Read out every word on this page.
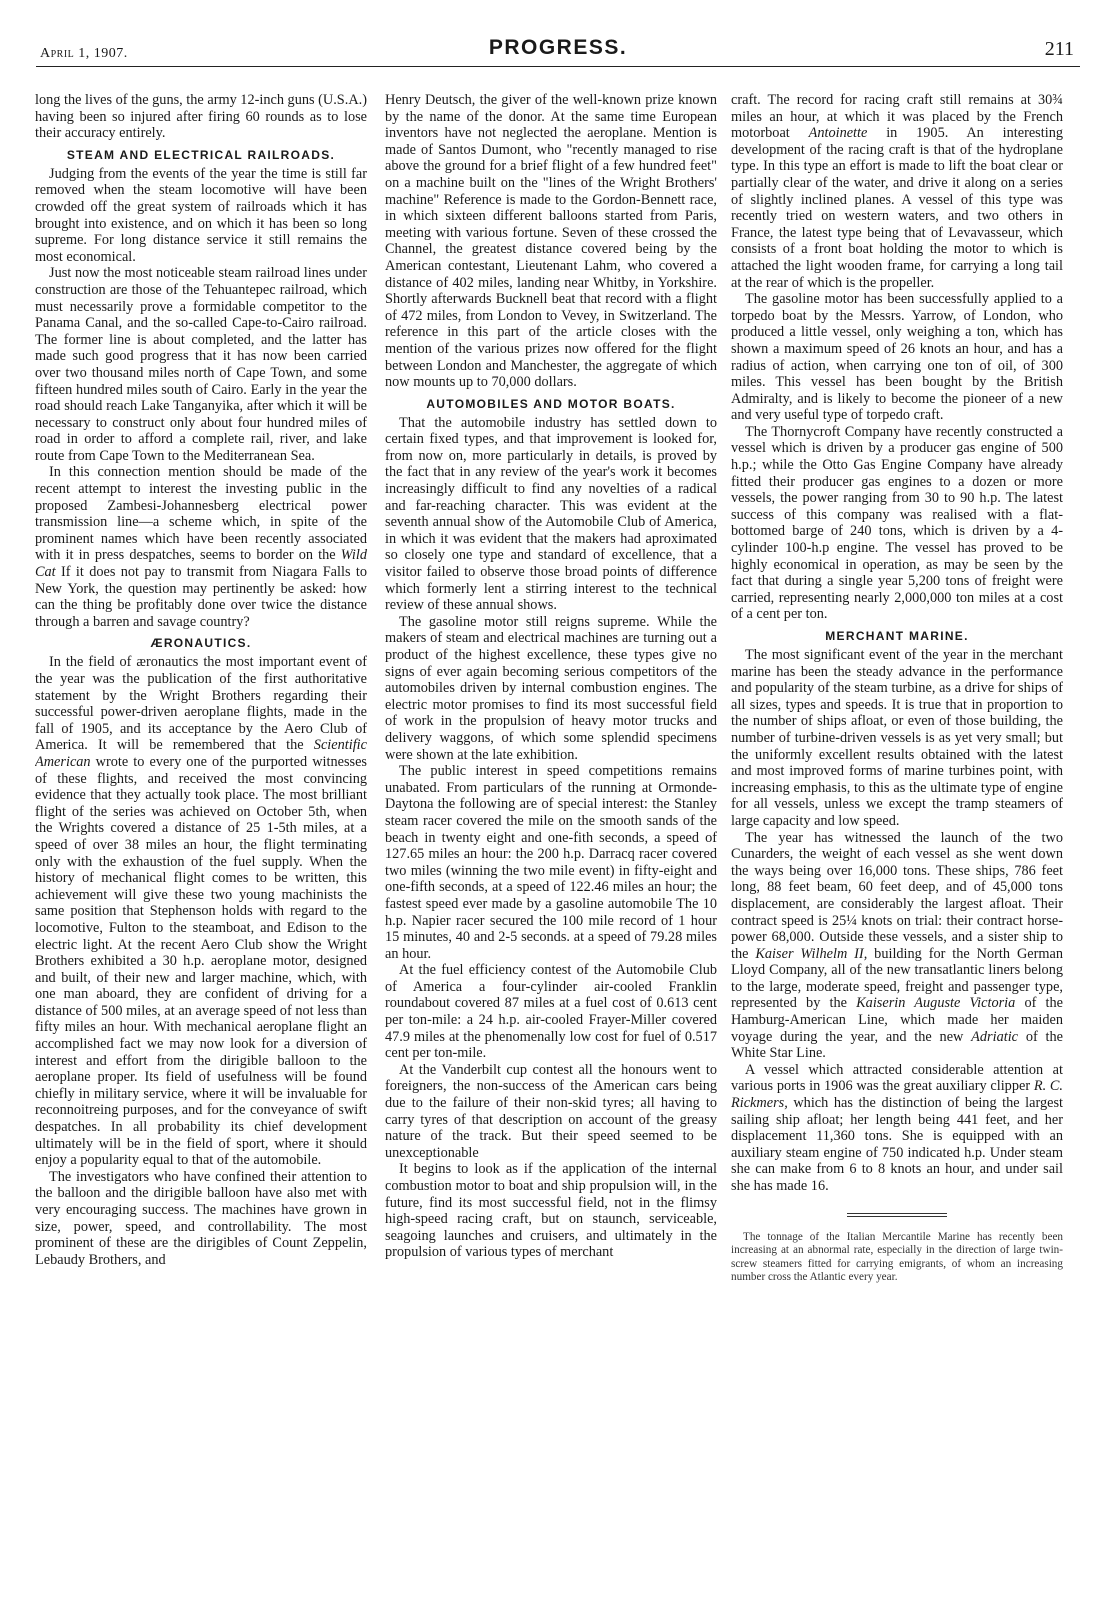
April 1, 1907.	PROGRESS.	211

long the lives of the guns, the army 12-inch guns (U.S.A.) having been so injured after firing 60 rounds as to lose their accuracy entirely.

STEAM AND ELECTRICAL RAILROADS.

Judging from the events of the year the time is still far removed when the steam locomotive will have been crowded off the great system of railroads which it has brought into existence, and on which it has been so long supreme. For long distance service it still remains the most economical.

Just now the most noticeable steam railroad lines under construction are those of the Tehuantepec railroad, which must necessarily prove a formidable competitor to the Panama Canal, and the so-called Cape-to-Cairo railroad. The former line is about completed, and the latter has made such good progress that it has now been carried over two thousand miles north of Cape Town, and some fifteen hundred miles south of Cairo. Early in the year the road should reach Lake Tanganyika, after which it will be necessary to construct only about four hundred miles of road in order to afford a complete rail, river, and lake route from Cape Town to the Mediterranean Sea.

In this connection mention should be made of the recent attempt to interest the investing public in the proposed Zambesi-Johannesberg electrical power transmission line—a scheme which, in spite of the prominent names which have been recently associated with it in press despatches, seems to border on the Wild Cat If it does not pay to transmit from Niagara Falls to New York, the question may pertinently be asked: how can the thing be profitably done over twice the distance through a barren and savage country?

ÆRONAUTICS.

In the field of æronautics the most important event of the year was the publication of the first authoritative statement by the Wright Brothers regarding their successful power-driven aeroplane flights, made in the fall of 1905, and its acceptance by the Aero Club of America. It will be remembered that the Scientific American wrote to every one of the purported witnesses of these flights, and received the most convincing evidence that they actually took place. The most brilliant flight of the series was achieved on October 5th, when the Wrights covered a distance of 25 1-5th miles, at a speed of over 38 miles an hour, the flight terminating only with the exhaustion of the fuel supply. When the history of mechanical flight comes to be written, this achievement will give these two young machinists the same position that Stephenson holds with regard to the locomotive, Fulton to the steamboat, and Edison to the electric light. At the recent Aero Club show the Wright Brothers exhibited a 30 h.p. aeroplane motor, designed and built, of their new and larger machine, which, with one man aboard, they are confident of driving for a distance of 500 miles, at an average speed of not less than fifty miles an hour. With mechanical aeroplane flight an accomplished fact we may now look for a diversion of interest and effort from the dirigible balloon to the aeroplane proper. Its field of usefulness will be found chiefly in military service, where it will be invaluable for reconnoitreing purposes, and for the conveyance of swift despatches. In all probability its chief development ultimately will be in the field of sport, where it should enjoy a popularity equal to that of the automobile.

The investigators who have confined their attention to the balloon and the dirigible balloon have also met with very encouraging success. The machines have grown in size, power, speed, and controllability. The most prominent of these are the dirigibles of Count Zeppelin, Lebaudy Brothers, and

Henry Deutsch, the giver of the well-known prize known by the name of the donor. At the same time European inventors have not neglected the aeroplane. Mention is made of Santos Dumont, who "recently managed to rise above the ground for a brief flight of a few hundred feet" on a machine built on the "lines of the Wright Brothers' machine" Reference is made to the Gordon-Bennett race, in which sixteen different balloons started from Paris, meeting with various fortune. Seven of these crossed the Channel, the greatest distance covered being by the American contestant, Lieutenant Lahm, who covered a distance of 402 miles, landing near Whitby, in Yorkshire. Shortly afterwards Bucknell beat that record with a flight of 472 miles, from London to Vevey, in Switzerland. The reference in this part of the article closes with the mention of the various prizes now offered for the flight between London and Manchester, the aggregate of which now mounts up to 70,000 dollars.

AUTOMOBILES AND MOTOR BOATS.

That the automobile industry has settled down to certain fixed types, and that improvement is looked for, from now on, more particularly in details, is proved by the fact that in any review of the year's work it becomes increasingly difficult to find any novelties of a radical and far-reaching character. This was evident at the seventh annual show of the Automobile Club of America, in which it was evident that the makers had aproximated so closely one type and standard of excellence, that a visitor failed to observe those broad points of difference which formerly lent a stirring interest to the technical review of these annual shows.

The gasoline motor still reigns supreme. While the makers of steam and electrical machines are turning out a product of the highest excellence, these types give no signs of ever again becoming serious competitors of the automobiles driven by internal combustion engines. The electric motor promises to find its most successful field of work in the propulsion of heavy motor trucks and delivery waggons, of which some splendid specimens were shown at the late exhibition.

The public interest in speed competitions remains unabated. From particulars of the running at Ormonde-Daytona the following are of special interest: the Stanley steam racer covered the mile on the smooth sands of the beach in twenty eight and one-fith seconds, a speed of 127.65 miles an hour: the 200 h.p. Darracq racer covered two miles (winning the two mile event) in fifty-eight and one-fifth seconds, at a speed of 122.46 miles an hour; the fastest speed ever made by a gasoline automobile The 10 h.p. Napier racer secured the 100 mile record of 1 hour 15 minutes, 40 and 2-5 seconds. at a speed of 79.28 miles an hour.

At the fuel efficiency contest of the Automobile Club of America a four-cylinder air-cooled Franklin roundabout covered 87 miles at a fuel cost of 0.613 cent per ton-mile: a 24 h.p. air-cooled Frayer-Miller covered 47.9 miles at the phenomenally low cost for fuel of 0.517 cent per ton-mile.

At the Vanderbilt cup contest all the honours went to foreigners, the non-success of the American cars being due to the failure of their non-skid tyres; all having to carry tyres of that description on account of the greasy nature of the track. But their speed seemed to be unexceptionable

It begins to look as if the application of the internal combustion motor to boat and ship propulsion will, in the future, find its most successful field, not in the flimsy high-speed racing craft, but on staunch, serviceable, seagoing launches and cruisers, and ultimately in the propulsion of various types of merchant

craft. The record for racing craft still remains at 30¾ miles an hour, at which it was placed by the French motorboat Antoinette in 1905. An interesting development of the racing craft is that of the hydroplane type. In this type an effort is made to lift the boat clear or partially clear of the water, and drive it along on a series of slightly inclined planes. A vessel of this type was recently tried on western waters, and two others in France, the latest type being that of Levavasseur, which consists of a front boat holding the motor to which is attached the light wooden frame, for carrying a long tail at the rear of which is the propeller.

The gasoline motor has been successfully applied to a torpedo boat by the Messrs. Yarrow, of London, who produced a little vessel, only weighing a ton, which has shown a maximum speed of 26 knots an hour, and has a radius of action, when carrying one ton of oil, of 300 miles. This vessel has been bought by the British Admiralty, and is likely to become the pioneer of a new and very useful type of torpedo craft.

The Thornycroft Company have recently constructed a vessel which is driven by a producer gas engine of 500 h.p.; while the Otto Gas Engine Company have already fitted their producer gas engines to a dozen or more vessels, the power ranging from 30 to 90 h.p. The latest success of this company was realised with a flat-bottomed barge of 240 tons, which is driven by a 4-cylinder 100-h.p engine. The vessel has proved to be highly economical in operation, as may be seen by the fact that during a single year 5,200 tons of freight were carried, representing nearly 2,000,000 ton miles at a cost of a cent per ton.

MERCHANT MARINE.

The most significant event of the year in the merchant marine has been the steady advance in the performance and popularity of the steam turbine, as a drive for ships of all sizes, types and speeds. It is true that in proportion to the number of ships afloat, or even of those building, the number of turbine-driven vessels is as yet very small; but the uniformly excellent results obtained with the latest and most improved forms of marine turbines point, with increasing emphasis, to this as the ultimate type of engine for all vessels, unless we except the tramp steamers of large capacity and low speed.

The year has witnessed the launch of the two Cunarders, the weight of each vessel as she went down the ways being over 16,000 tons. These ships, 786 feet long, 88 feet beam, 60 feet deep, and of 45,000 tons displacement, are considerably the largest afloat. Their contract speed is 25¼ knots on trial: their contract horse-power 68,000. Outside these vessels, and a sister ship to the Kaiser Wilhelm II, building for the North German Lloyd Company, all of the new transatlantic liners belong to the large, moderate speed, freight and passenger type, represented by the Kaiserin Auguste Victoria of the Hamburg-American Line, which made her maiden voyage during the year, and the new Adriatic of the White Star Line.

A vessel which attracted considerable attention at various ports in 1906 was the great auxiliary clipper R. C. Rickmers, which has the distinction of being the largest sailing ship afloat; her length being 441 feet, and her displacement 11,360 tons. She is equipped with an auxiliary steam engine of 750 indicated h.p. Under steam she can make from 6 to 8 knots an hour, and under sail she has made 16.

The tonnage of the Italian Mercantile Marine has recently been increasing at an abnormal rate, especially in the direction of large twin-screw steamers fitted for carrying emigrants, of whom an increasing number cross the Atlantic every year.
